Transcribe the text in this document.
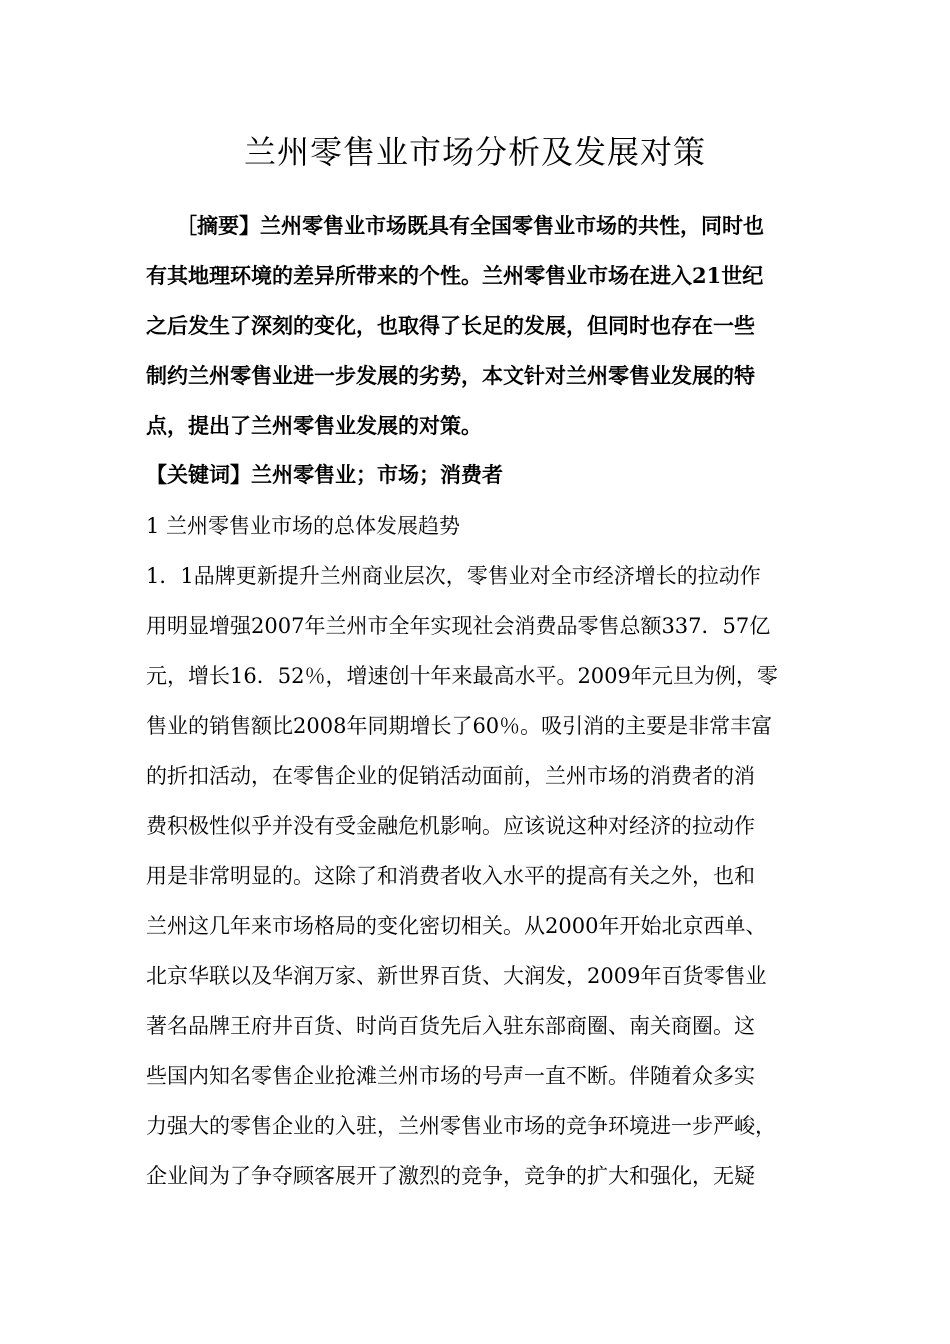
兰州零售业市场分析及发展对策
［摘要】兰州零售业市场既具有全国零售业市场的共性，同时也
有其地理环境的差异所带来的个性。兰州零售业市场在进入21世纪
之后发生了深刻的变化，也取得了长足的发展，但同时也存在一些
制约兰州零售业进一步发展的劣势，本文针对兰州零售业发展的特
点，提出了兰州零售业发展的对策。
【关键词】兰州零售业；市场；消费者
1 兰州零售业市场的总体发展趋势
1．1品牌更新提升兰州商业层次，零售业对全市经济增长的拉动作
用明显增强2007年兰州市全年实现社会消费品零售总额337．57亿
元，增长16．52％，增速创十年来最高水平。2009年元旦为例，零
售业的销售额比2008年同期增长了60％。吸引消的主要是非常丰富
的折扣活动，在零售企业的促销活动面前，兰州市场的消费者的消
费积极性似乎并没有受金融危机影响。应该说这种对经济的拉动作
用是非常明显的。这除了和消费者收入水平的提高有关之外，也和
兰州这几年来市场格局的变化密切相关。从2000年开始北京西单、
北京华联以及华润万家、新世界百货、大润发，2009年百货零售业
著名品牌王府井百货、时尚百货先后入驻东部商圈、南关商圈。这
些国内知名零售企业抢滩兰州市场的号声一直不断。伴随着众多实
力强大的零售企业的入驻，兰州零售业市场的竞争环境进一步严峻，
企业间为了争夺顾客展开了激烈的竞争，竞争的扩大和强化，无疑
